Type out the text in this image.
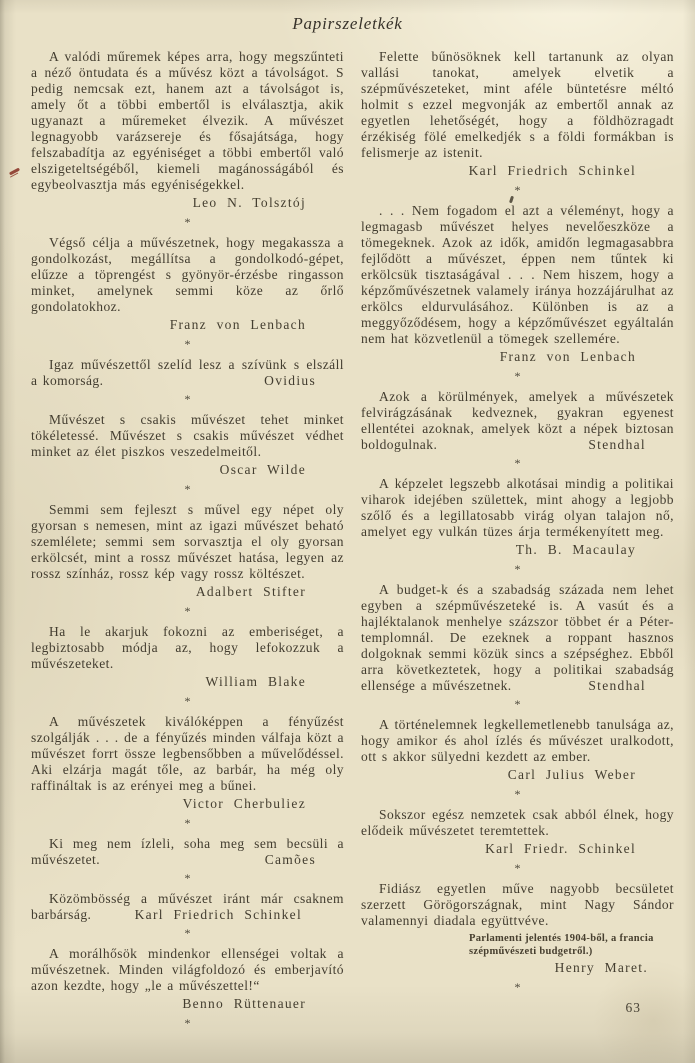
Papirszeletkék

A valódi műremek képes arra, hogy megszűnteti a néző öntudata és a művész közt a távolságot. S pedig nemcsak ezt, hanem azt a távolságot is, amely őt a többi embertől is elválasztja, akik ugyanazt a műremeket élvezik. A művészet legnagyobb varázsereje és fősajátsága, hogy felszabadítja az egyéniséget a többi embertől való elszigeteltségéből, kiemeli magánosságából és egybeolvasztja más egyéniségekkel.

Leo N. Tolsztój
*

Végső célja a művészetnek, hogy megakassza a gondolkozást, megállítsa a gondolkodó-gépet, elűzze a töprengést s gyönyör-érzésbe ringasson minket, amelynek semmi köze az őrlő gondolatokhoz.

Franz von Lenbach
*

Igaz művészettől szelíd lesz a szívünk s elszáll a komorság.	Ovidius

*

Művészet s csakis művészet tehet minket tökéletessé. Művészet s csakis művészet védhet minket az élet piszkos veszedelmeitől.

Oscar Wilde
*

Semmi sem fejleszt s művel egy népet oly gyorsan s nemesen, mint az igazi művészet beható szemlélete; semmi sem sorvasztja el oly gyorsan erkölcsét, mint a rossz művészet hatása, legyen az rossz színház, rossz kép vagy rossz költészet.

Adalbert Stifter
*

Ha le akarjuk fokozni az emberiséget, a legbiztosabb módja az, hogy lefokozzuk a művészeteket.

William Blake
*

A művészetek kiválóképpen a fényűzést szolgálják . . . de a fényűzés minden válfaja közt a művészet forrt össze legbensőbben a művelődéssel. Aki elzárja magát tőle, az barbár, ha még oly raffináltak is az erényei meg a bűnei.

Victor Cherbuliez
*

Ki meg nem ízleli, soha meg sem becsüli a művészetet.	Camões

*

Közömbösség a művészet iránt már csaknem barbárság.	Karl Friedrich Schinkel

*

A morálhősök mindenkor ellenségei voltak a művészetnek. Minden világfoldozó és emberjavító azon kezdte, hogy „le a művészettel!“

Benno Rüttenauer
*

Felette bűnösöknek kell tartanunk az olyan vallási tanokat, amelyek elvetik a szépművészeteket, mint aféle büntetésre méltó holmit s ezzel megvonják az embertől annak az egyetlen lehetőségét, hogy a földhözragadt érzékiség fölé emelkedjék s a földi formákban is felismerje az istenit.

Karl Friedrich Schinkel
*

. . . Nem fogadom el azt a véleményt, hogy a legmagasb művészet helyes nevelőeszköze a tömegeknek. Azok az idők, amidőn legmagasabbra fejlődött a művészet, éppen nem tűntek ki erkölcsük tisztaságával . . . Nem hiszem, hogy a képzőművészetnek valamely iránya hozzájárulhat az erkölcs eldurvulásához. Különben is az a meggyőződésem, hogy a képzőművészet egyáltalán nem hat közvetlenül a tömegek szellemére.

Franz von Lenbach
*

Azok a körülmények, amelyek a művészetek felvirágzásának kedveznek, gyakran egyenest ellentétei azoknak, amelyek közt a népek biztosan boldogulnak.	Stendhal

*

A képzelet legszebb alkotásai mindig a politikai viharok idejében születtek, mint ahogy a legjobb szőlő és a legillatosabb virág olyan talajon nő, amelyet egy vulkán tüzes árja termékenyített meg.

Th. B. Macaulay
*

A budget-k és a szabadság százada nem lehet egyben a szépművészeteké is. A vasút és a hajléktalanok menhelye százszor többet ér a Péter-templomnál. De ezeknek a roppant hasznos dolgoknak semmi közük sincs a szépséghez. Ebből arra következtetek, hogy a politikai szabadság ellensége a művészetnek.	Stendhal

*

A történelemnek legkellemetlenebb tanulsága az, hogy amikor és ahol ízlés és művészet uralkodott, ott s akkor sülyedni kezdett az ember.

Carl Julius Weber
*

Sokszor egész nemzetek csak abból élnek, hogy elődeik művészetet teremtettek.

Karl Friedr. Schinkel
*

Fidiász egyetlen műve nagyobb becsületet szerzett Görögországnak, mint Nagy Sándor valamennyi diadala együttvéve.

Parlamenti jelentés 1904-ből, a francia szépművészeti budgetről.)
Henry Maret.
*
63
